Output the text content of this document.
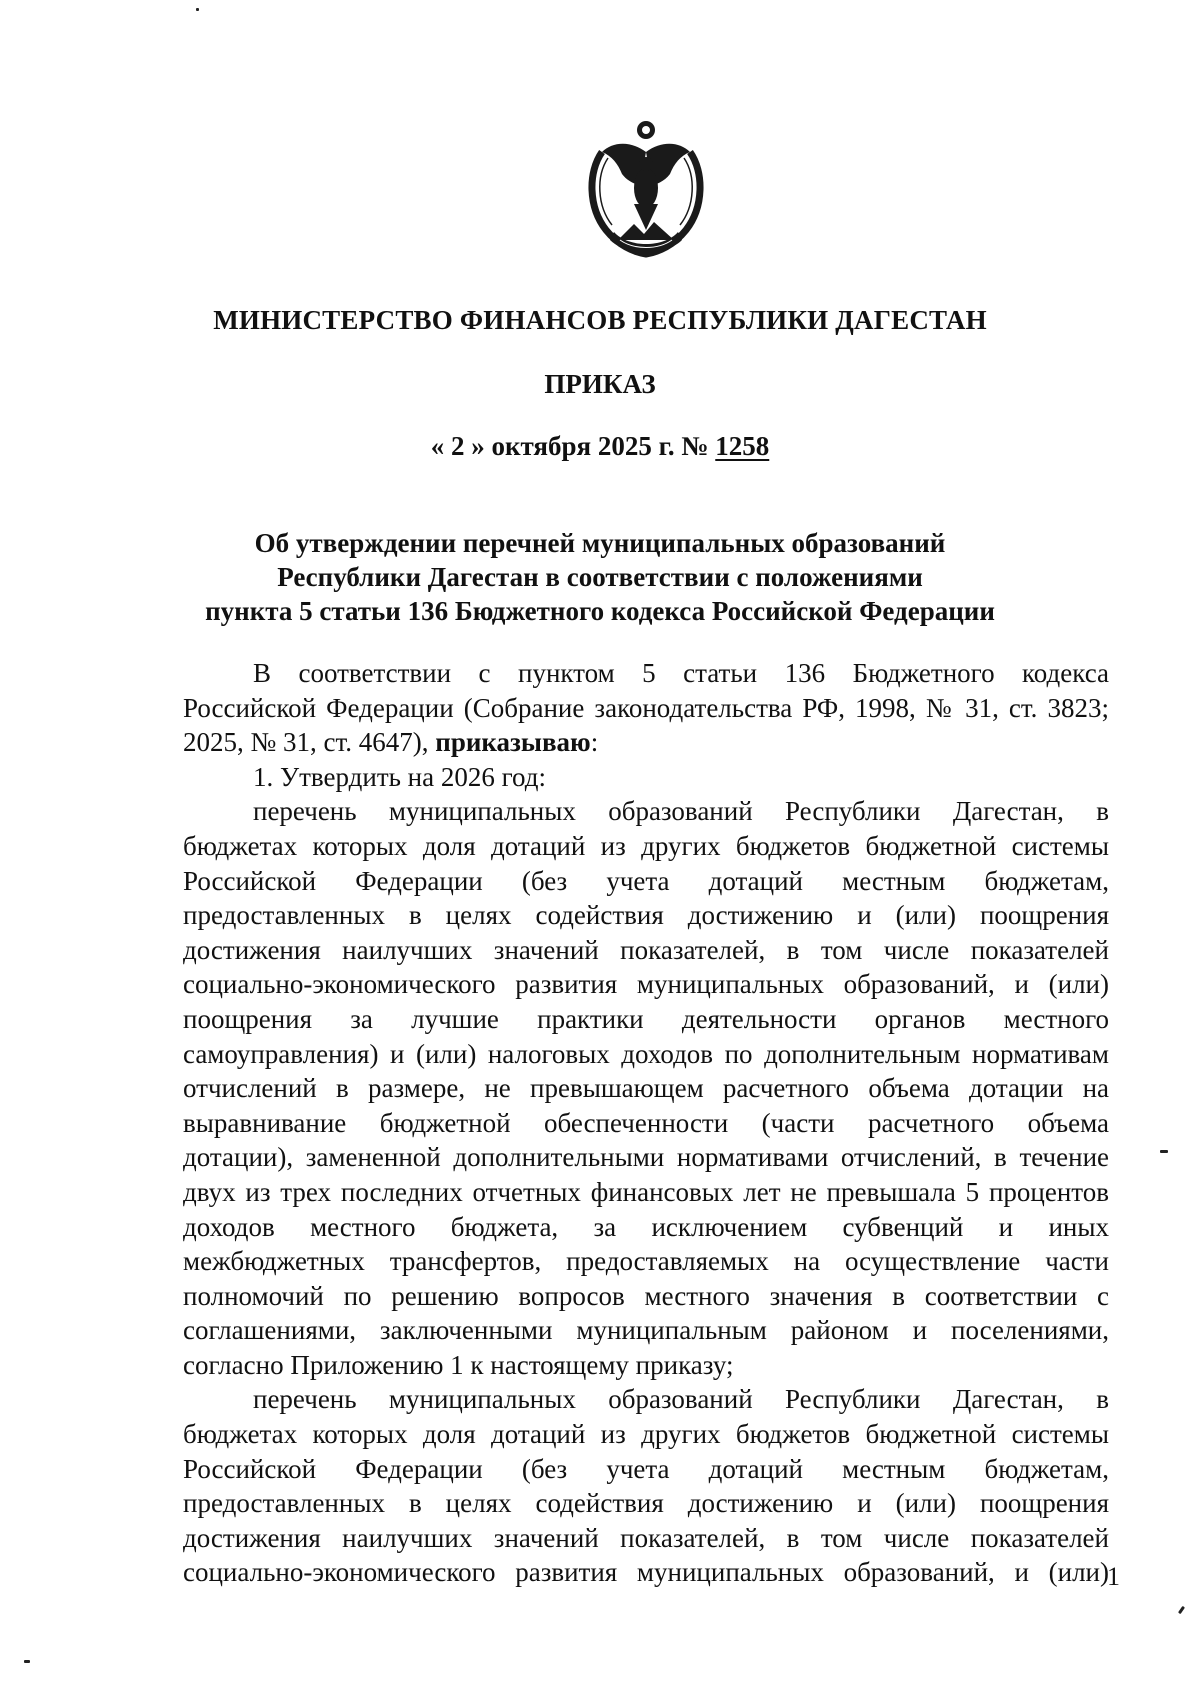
МИНИСТЕРСТВО ФИНАНСОВ РЕСПУБЛИКИ ДАГЕСТАН
ПРИКАЗ
« 2 » октября 2025 г. № 1258
Об утверждении перечней муниципальных образований
Республики Дагестан в соответствии с положениями
пункта 5 статьи 136 Бюджетного кодекса Российской Федерации
В соответствии с пунктом 5 статьи 136 Бюджетного кодекса
Российской Федерации (Собрание законодательства РФ, 1998, № 31, ст. 3823;
2025, № 31, ст. 4647), приказываю:
1. Утвердить на 2026 год:
перечень муниципальных образований Республики Дагестан, в
бюджетах которых доля дотаций из других бюджетов бюджетной системы
Российской Федерации (без учета дотаций местным бюджетам,
предоставленных в целях содействия достижению и (или) поощрения
достижения наилучших значений показателей, в том числе показателей
социально-экономического развития муниципальных образований, и (или)
поощрения за лучшие практики деятельности органов местного
самоуправления) и (или) налоговых доходов по дополнительным нормативам
отчислений в размере, не превышающем расчетного объема дотации на
выравнивание бюджетной обеспеченности (части расчетного объема
дотации), замененной дополнительными нормативами отчислений, в течение
двух из трех последних отчетных финансовых лет не превышала 5 процентов
доходов местного бюджета, за исключением субвенций и иных
межбюджетных трансфертов, предоставляемых на осуществление части
полномочий по решению вопросов местного значения в соответствии с
соглашениями, заключенными муниципальным районом и поселениями,
согласно Приложению 1 к настоящему приказу;
перечень муниципальных образований Республики Дагестан, в
бюджетах которых доля дотаций из других бюджетов бюджетной системы
Российской Федерации (без учета дотаций местным бюджетам,
предоставленных в целях содействия достижению и (или) поощрения
достижения наилучших значений показателей, в том числе показателей
социально-экономического развития муниципальных образований, и (или)
1
